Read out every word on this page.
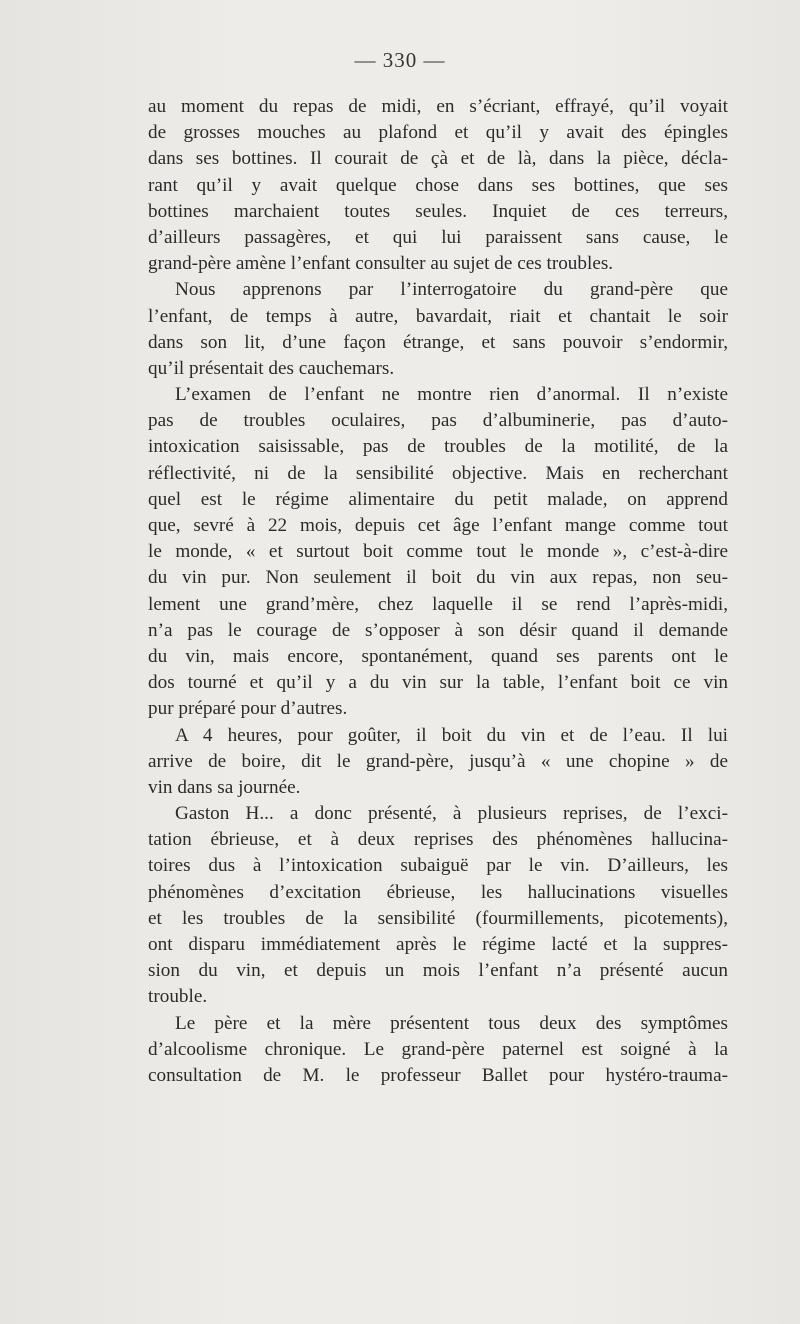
— 330 —
au moment du repas de midi, en s’écriant, effrayé, qu’il voyait
de grosses mouches au plafond et qu’il y avait des épingles
dans ses bottines. Il courait de çà et de là, dans la pièce, décla-
rant qu’il y avait quelque chose dans ses bottines, que ses
bottines marchaient toutes seules. Inquiet de ces terreurs,
d’ailleurs passagères, et qui lui paraissent sans cause, le
grand-père amène l’enfant consulter au sujet de ces troubles.
Nous apprenons par l’interrogatoire du grand-père que
l’enfant, de temps à autre, bavardait, riait et chantait le soir
dans son lit, d’une façon étrange, et sans pouvoir s’endormir,
qu’il présentait des cauchemars.
L’examen de l’enfant ne montre rien d’anormal. Il n’existe
pas de troubles oculaires, pas d’albuminerie, pas d’auto-
intoxication saisissable, pas de troubles de la motilité, de la
réflectivité, ni de la sensibilité objective. Mais en recherchant
quel est le régime alimentaire du petit malade, on apprend
que, sevré à 22 mois, depuis cet âge l’enfant mange comme tout
le monde, « et surtout boit comme tout le monde », c’est-à-dire
du vin pur. Non seulement il boit du vin aux repas, non seu-
lement une grand’mère, chez laquelle il se rend l’après-midi,
n’a pas le courage de s’opposer à son désir quand il demande
du vin, mais encore, spontanément, quand ses parents ont le
dos tourné et qu’il y a du vin sur la table, l’enfant boit ce vin
pur préparé pour d’autres.
A 4 heures, pour goûter, il boit du vin et de l’eau. Il lui
arrive de boire, dit le grand-père, jusqu’à « une chopine » de
vin dans sa journée.
Gaston H... a donc présenté, à plusieurs reprises, de l’exci-
tation ébrieuse, et à deux reprises des phénomènes hallucina-
toires dus à l’intoxication subaiguë par le vin. D’ailleurs, les
phénomènes d’excitation ébrieuse, les hallucinations visuelles
et les troubles de la sensibilité (fourmillements, picotements),
ont disparu immédiatement après le régime lacté et la suppres-
sion du vin, et depuis un mois l’enfant n’a présenté aucun
trouble.
Le père et la mère présentent tous deux des symptômes
d’alcoolisme chronique. Le grand-père paternel est soigné à la
consultation de M. le professeur Ballet pour hystéro-trauma-
